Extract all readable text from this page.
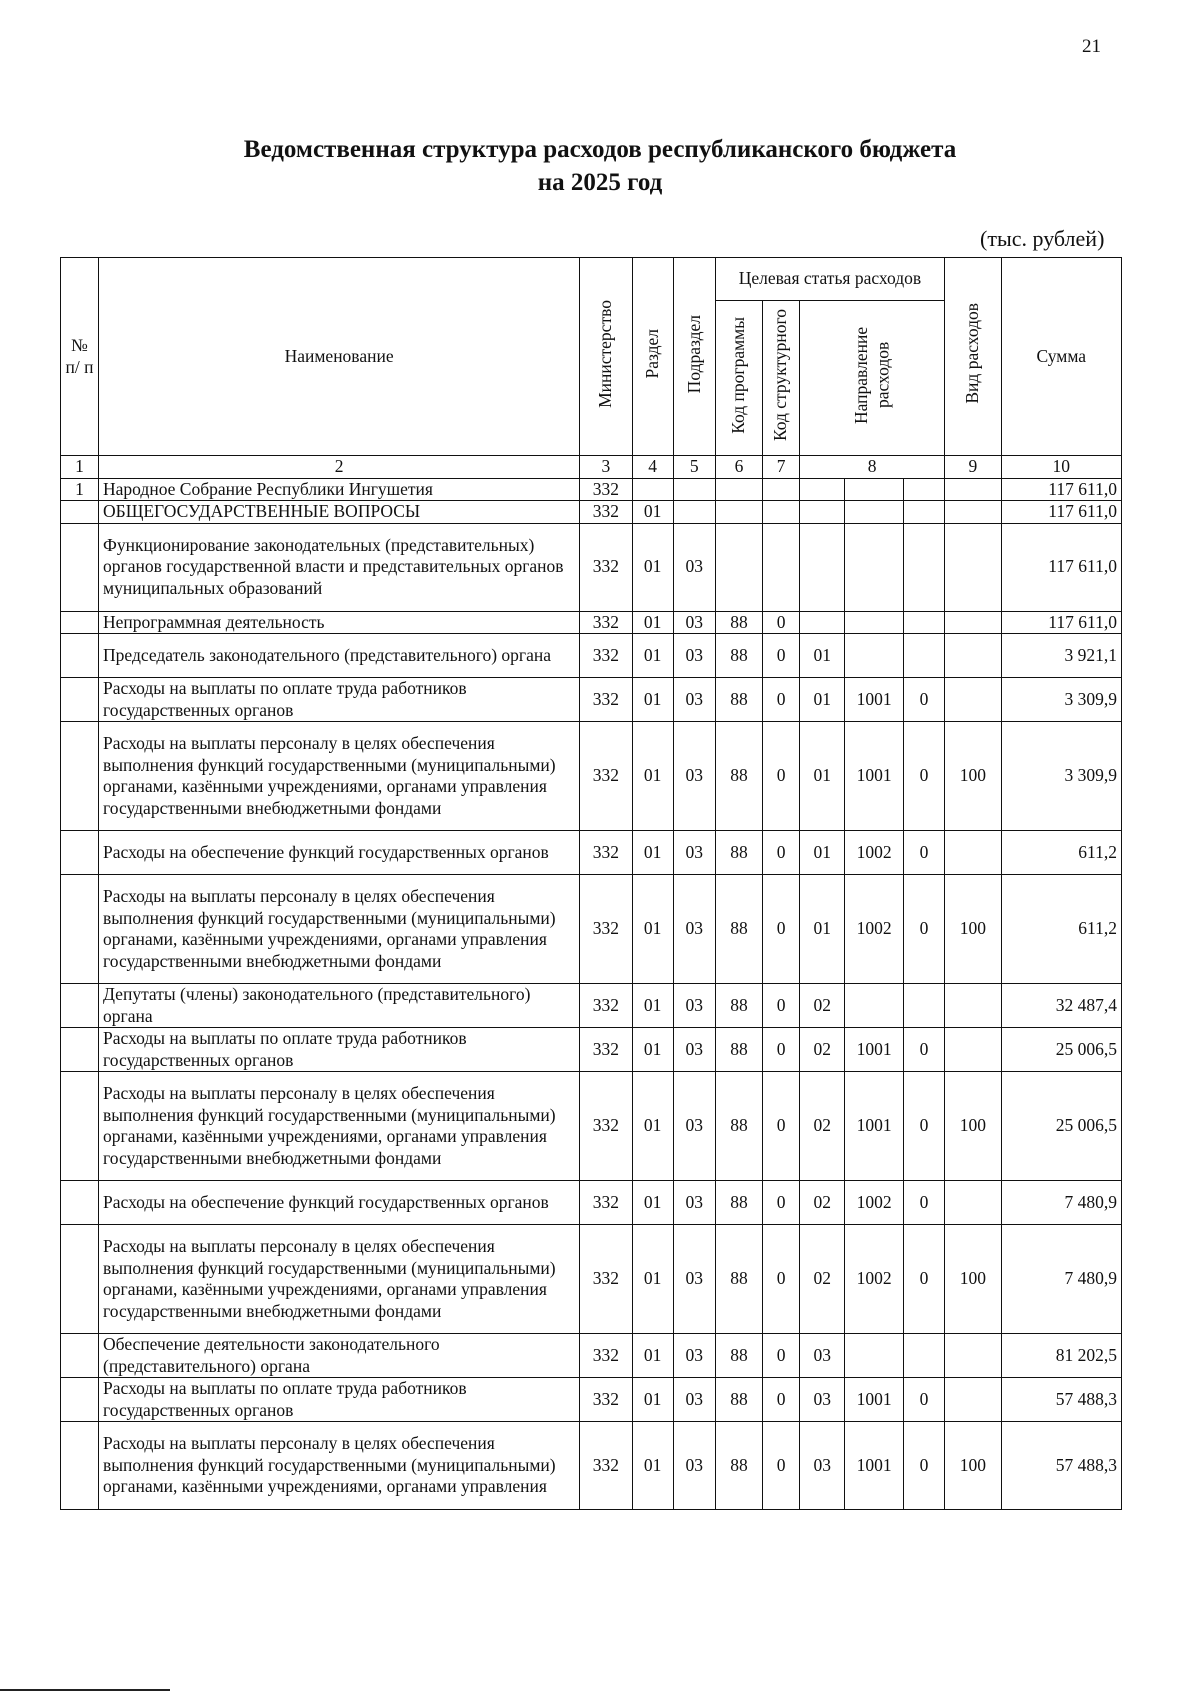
21
Ведомственная структура расходов республиканского бюджета
на 2025 год
(тыс. рублей)
№ п/ п	Наименование	Министерство	Раздел	Подраздел	Целевая статья расходов					Вид расходов	Сумма
					Код программы	Код структурного	Направление расходов				
1	2	3	4	5	6	7	8			9	10
1	Народное Собрание Республики Ингушетия	332									117 611,0
	ОБЩЕГОСУДАРСТВЕННЫЕ ВОПРОСЫ	332	01								117 611,0
	Функционирование законодательных (представительных) органов государственной власти и представительных органов муниципальных образований	332	01	03							117 611,0
	Непрограммная деятельность	332	01	03	88	0					117 611,0
	Председатель законодательного (представительного) органа	332	01	03	88	0	01				3 921,1
	Расходы на выплаты по оплате труда работников государственных органов	332	01	03	88	0	01	1001	0		3 309,9
	Расходы на выплаты персоналу в целях обеспечения выполнения функций государственными (муниципальными) органами, казёнными учреждениями, органами управления государственными внебюджетными фондами	332	01	03	88	0	01	1001	0	100	3 309,9
	Расходы на обеспечение функций государственных органов	332	01	03	88	0	01	1002	0		611,2
	Расходы на выплаты персоналу в целях обеспечения выполнения функций государственными (муниципальными) органами, казёнными учреждениями, органами управления государственными внебюджетными фондами	332	01	03	88	0	01	1002	0	100	611,2
	Депутаты (члены) законодательного (представительного) органа	332	01	03	88	0	02				32 487,4
	Расходы на выплаты по оплате труда работников государственных органов	332	01	03	88	0	02	1001	0		25 006,5
	Расходы на выплаты персоналу в целях обеспечения выполнения функций государственными (муниципальными) органами, казёнными учреждениями, органами управления государственными внебюджетными фондами	332	01	03	88	0	02	1001	0	100	25 006,5
	Расходы на обеспечение функций государственных органов	332	01	03	88	0	02	1002	0		7 480,9
	Расходы на выплаты персоналу в целях обеспечения выполнения функций государственными (муниципальными) органами, казёнными учреждениями, органами управления государственными внебюджетными фондами	332	01	03	88	0	02	1002	0	100	7 480,9
	Обеспечение деятельности законодательного (представительного) органа	332	01	03	88	0	03				81 202,5
	Расходы на выплаты по оплате труда работников государственных органов	332	01	03	88	0	03	1001	0		57 488,3
	Расходы на выплаты персоналу в целях обеспечения выполнения функций государственными (муниципальными) органами, казёнными учреждениями, органами управления	332	01	03	88	0	03	1001	0	100	57 488,3
